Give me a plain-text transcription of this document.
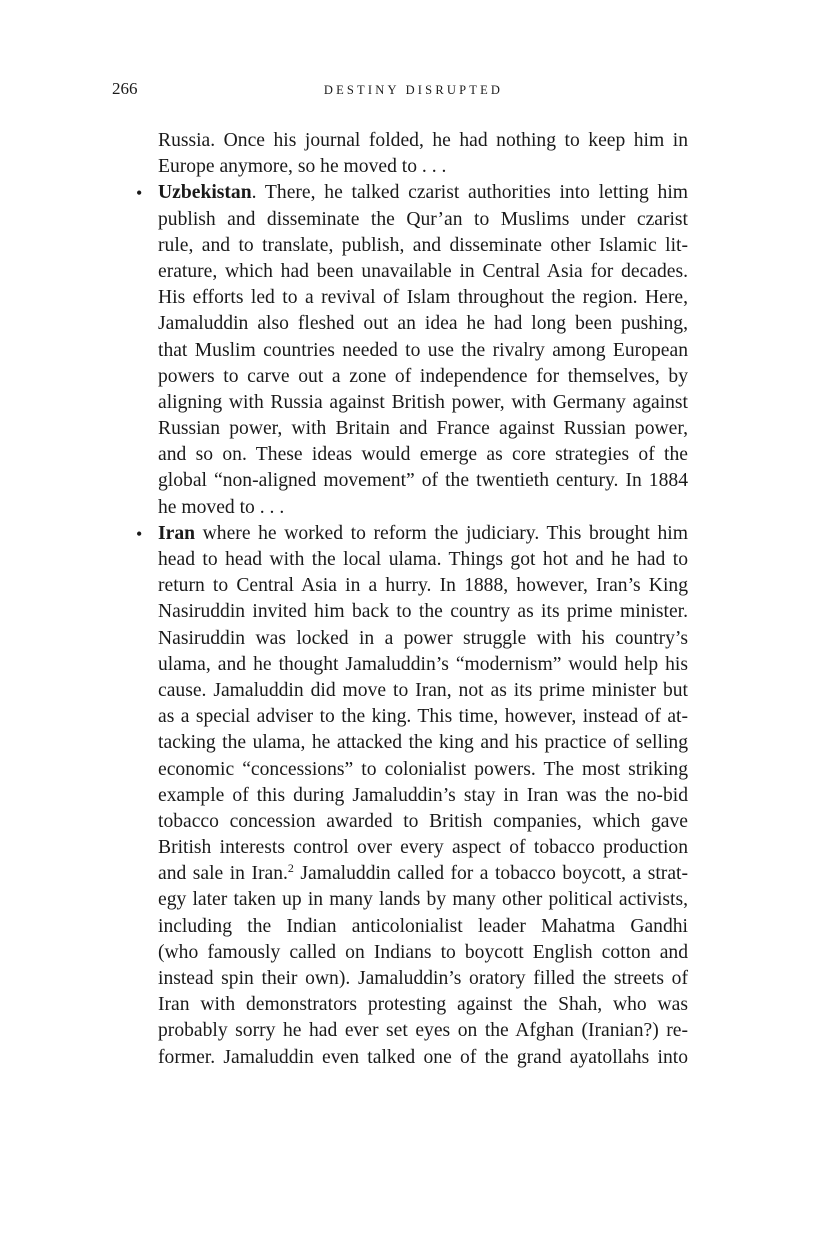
266	DESTINY DISRUPTED
Russia. Once his journal folded, he had nothing to keep him in
Europe anymore, so he moved to . . .
• Uzbekistan. There, he talked czarist authorities into letting him
publish and disseminate the Qur’an to Muslims under czarist
rule, and to translate, publish, and disseminate other Islamic lit-
erature, which had been unavailable in Central Asia for decades.
His efforts led to a revival of Islam throughout the region. Here,
Jamaluddin also fleshed out an idea he had long been pushing,
that Muslim countries needed to use the rivalry among European
powers to carve out a zone of independence for themselves, by
aligning with Russia against British power, with Germany against
Russian power, with Britain and France against Russian power,
and so on. These ideas would emerge as core strategies of the
global “non-aligned movement” of the twentieth century. In 1884
he moved to . . .
• Iran where he worked to reform the judiciary. This brought him
head to head with the local ulama. Things got hot and he had to
return to Central Asia in a hurry. In 1888, however, Iran’s King
Nasiruddin invited him back to the country as its prime minister.
Nasiruddin was locked in a power struggle with his country’s
ulama, and he thought Jamaluddin’s “modernism” would help his
cause. Jamaluddin did move to Iran, not as its prime minister but
as a special adviser to the king. This time, however, instead of at-
tacking the ulama, he attacked the king and his practice of selling
economic “concessions” to colonialist powers. The most striking
example of this during Jamaluddin’s stay in Iran was the no-bid
tobacco concession awarded to British companies, which gave
British interests control over every aspect of tobacco production
and sale in Iran.$^2$ Jamaluddin called for a tobacco boycott, a strat-
egy later taken up in many lands by many other political activists,
including the Indian anticolonialist leader Mahatma Gandhi
(who famously called on Indians to boycott English cotton and
instead spin their own). Jamaluddin’s oratory filled the streets of
Iran with demonstrators protesting against the Shah, who was
probably sorry he had ever set eyes on the Afghan (Iranian?) re-
former. Jamaluddin even talked one of the grand ayatollahs into
